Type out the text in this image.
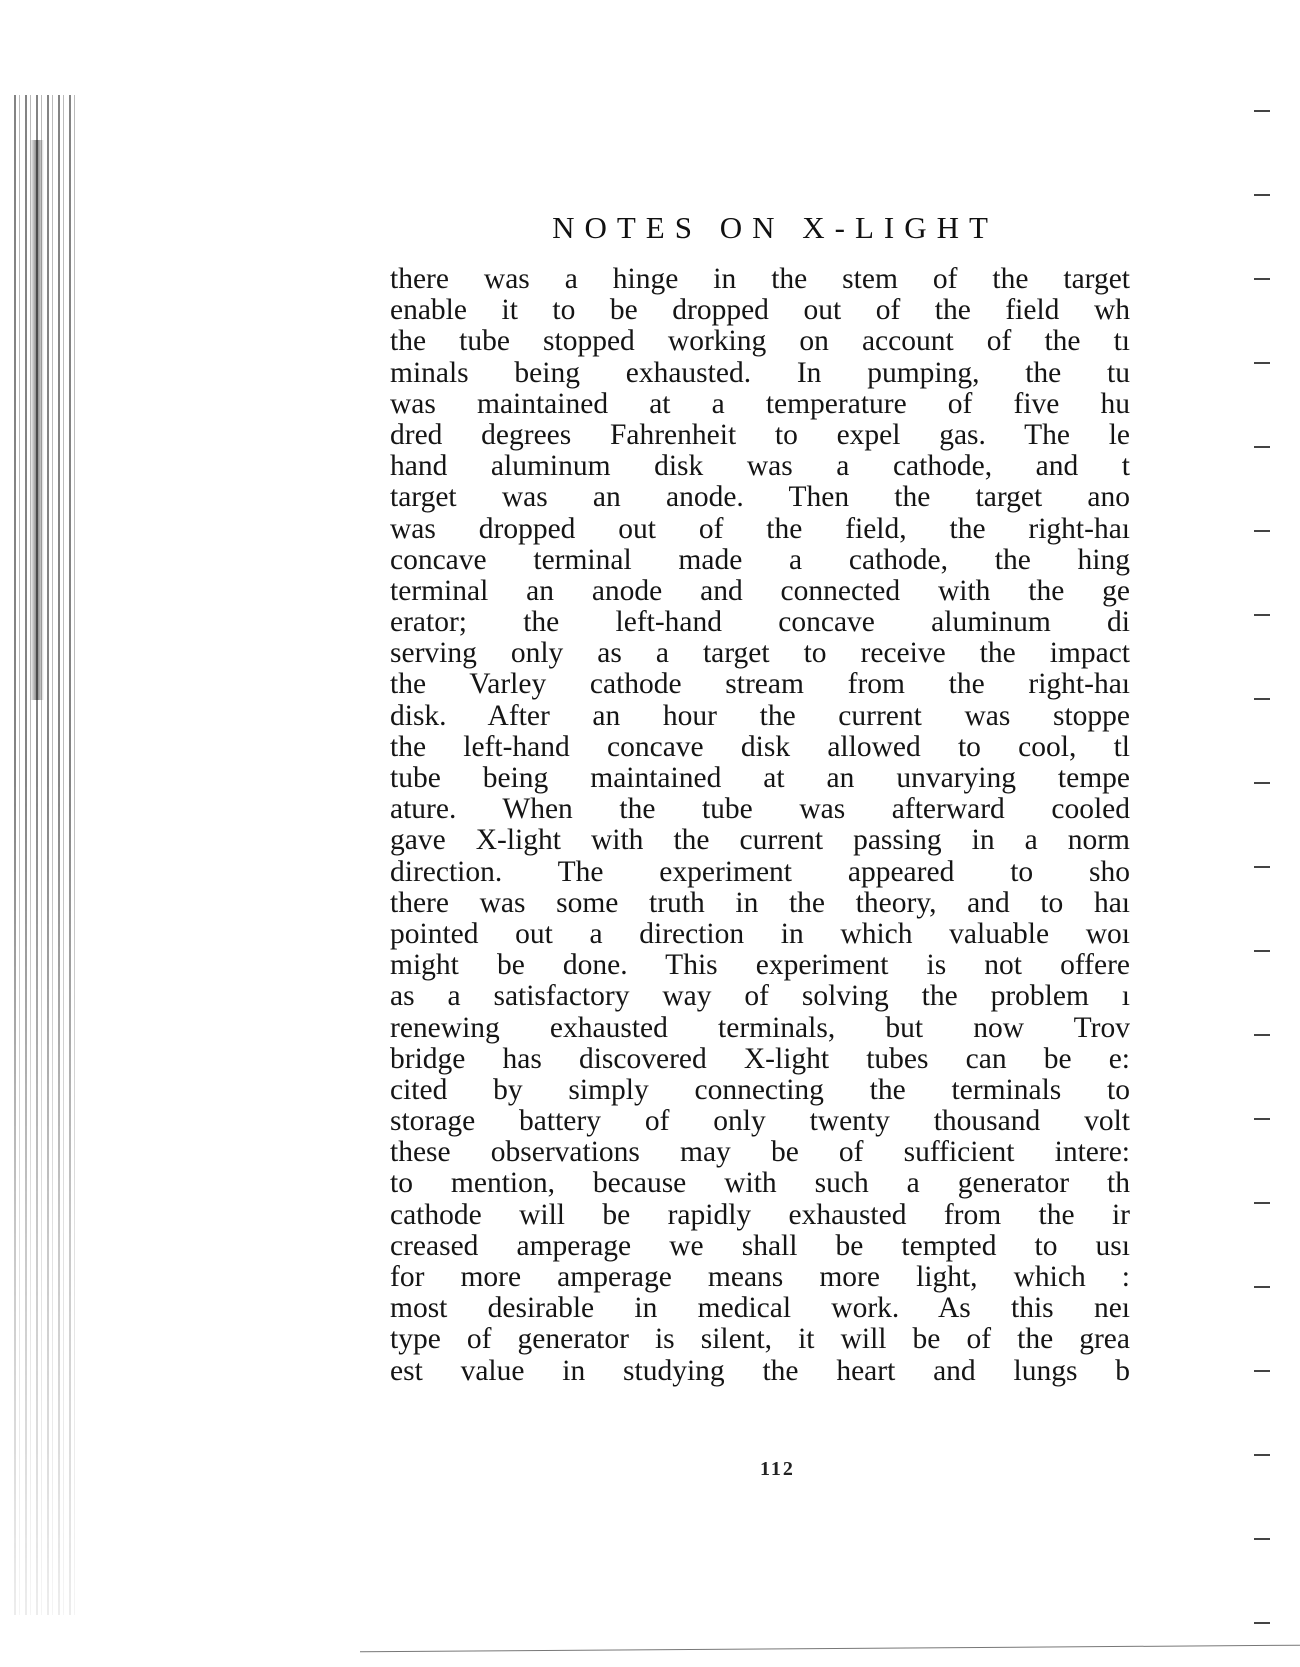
NOTES ON X-LIGHT
there was a hinge in the stem of the target
enable it to be dropped out of the field wh
the tube stopped working on account of the tı
minals being exhausted. In pumping, the tu
was maintained at a temperature of five hu
dred degrees Fahrenheit to expel gas. The le
hand aluminum disk was a cathode, and t
target was an anode. Then the target ano
was dropped out of the field, the right-haı
concave terminal made a cathode, the hing
terminal an anode and connected with the ge
erator; the left-hand concave aluminum di
serving only as a target to receive the impact
the Varley cathode stream from the right-haı
disk. After an hour the current was stoppe
the left-hand concave disk allowed to cool, tl
tube being maintained at an unvarying tempe
ature. When the tube was afterward cooled
gave X-light with the current passing in a norm
direction. The experiment appeared to sho
there was some truth in the theory, and to haı
pointed out a direction in which valuable woı
might be done. This experiment is not offere
as a satisfactory way of solving the problem ı
renewing exhausted terminals, but now Trov
bridge has discovered X-light tubes can be e:
cited by simply connecting the terminals to
storage battery of only twenty thousand volt
these observations may be of sufficient intere:
to mention, because with such a generator th
cathode will be rapidly exhausted from the ir
creased amperage we shall be tempted to usı
for more amperage means more light, which :
most desirable in medical work. As this neı
type of generator is silent, it will be of the grea
est value in studying the heart and lungs b
112
